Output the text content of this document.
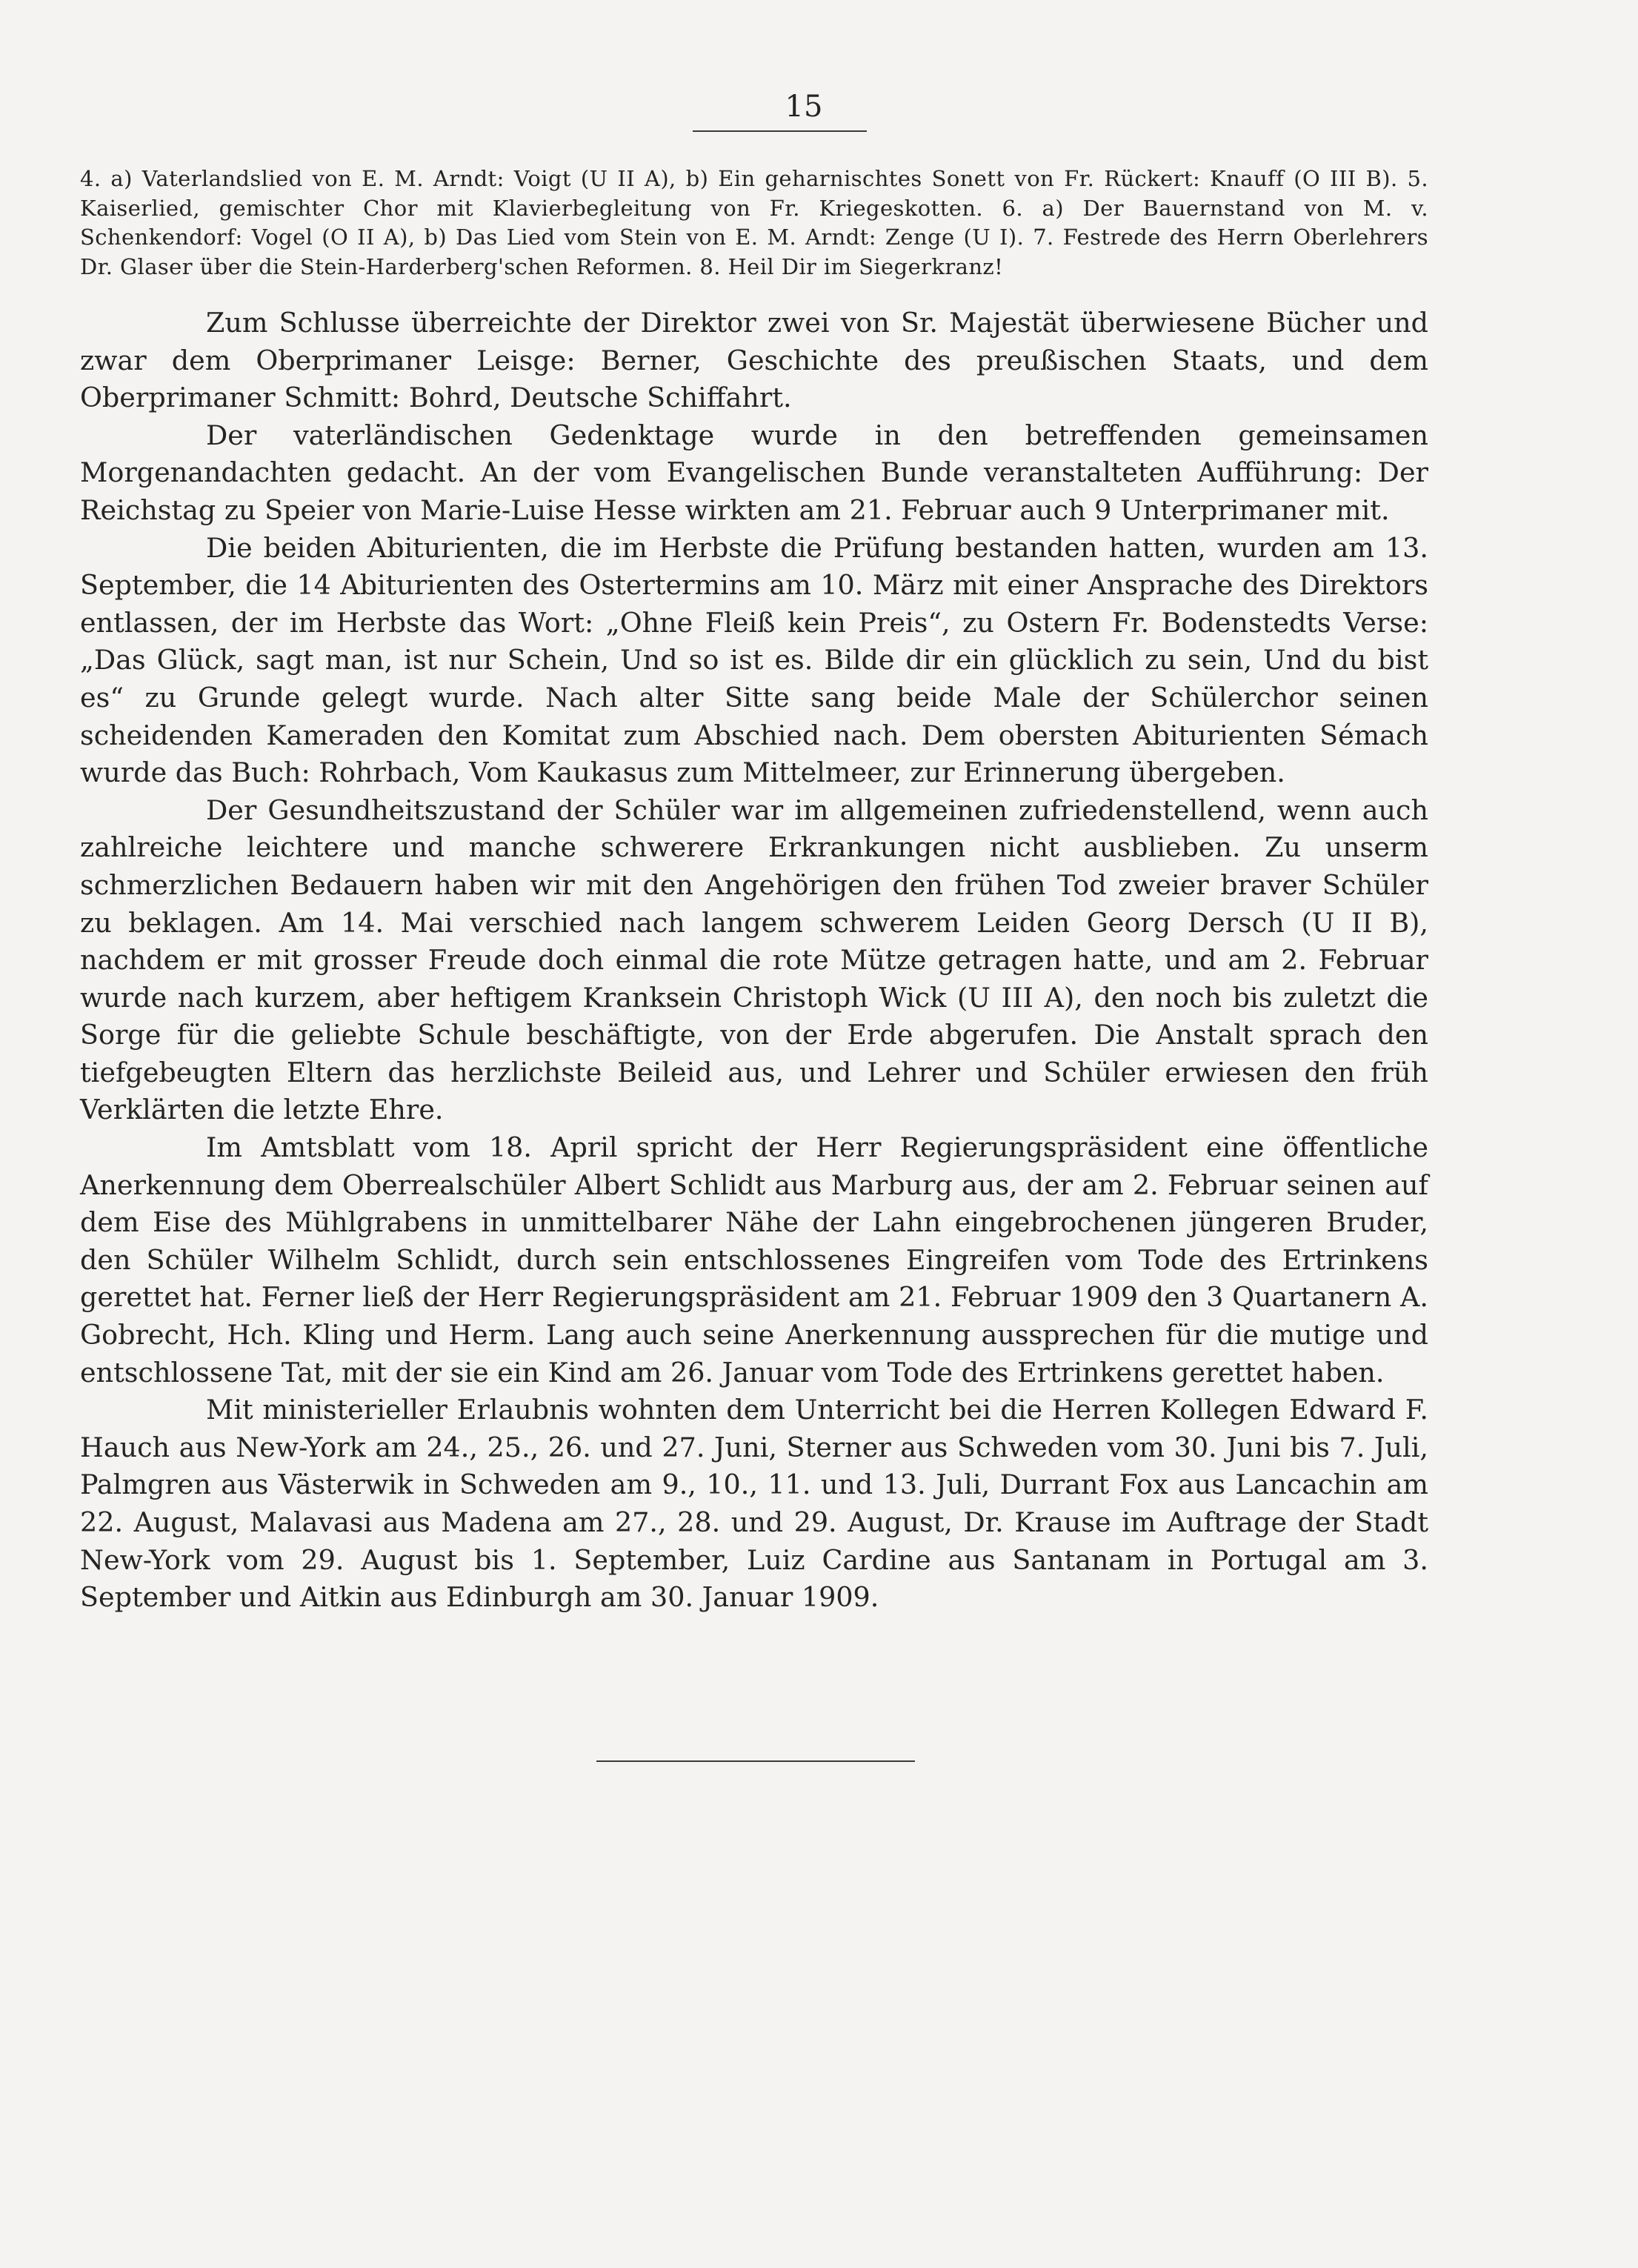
15
4. a) Vaterlandslied von E. M. Arndt: Voigt (U II A), b) Ein geharnischtes Sonett von Fr. Rückert: Knauff (O III B). 5. Kaiserlied, gemischter Chor mit Klavierbegleitung von Fr. Kriegeskotten. 6. a) Der Bauernstand von M. v. Schenkendorf: Vogel (O II A), b) Das Lied vom Stein von E. M. Arndt: Zenge (U I). 7. Festrede des Herrn Oberlehrers Dr. Glaser über die Stein-Harderberg'schen Reformen. 8. Heil Dir im Siegerkranz!

Zum Schlusse überreichte der Direktor zwei von Sr. Majestät überwiesene Bücher und zwar dem Oberprimaner Leisge: Berner, Geschichte des preußischen Staats, und dem Oberprimaner Schmitt: Bohrd, Deutsche Schiffahrt.

Der vaterländischen Gedenktage wurde in den betreffenden gemeinsamen Morgenandachten gedacht. An der vom Evangelischen Bunde veranstalteten Aufführung: Der Reichstag zu Speier von Marie-Luise Hesse wirkten am 21. Februar auch 9 Unterprimaner mit.

Die beiden Abiturienten, die im Herbste die Prüfung bestanden hatten, wurden am 13. September, die 14 Abiturienten des Ostertermins am 10. März mit einer Ansprache des Direktors entlassen, der im Herbste das Wort: „Ohne Fleiß kein Preis“, zu Ostern Fr. Bodenstedts Verse: „Das Glück, sagt man, ist nur Schein, Und so ist es. Bilde dir ein glücklich zu sein, Und du bist es“ zu Grunde gelegt wurde. Nach alter Sitte sang beide Male der Schülerchor seinen scheidenden Kameraden den Komitat zum Abschied nach. Dem obersten Abiturienten Sémach wurde das Buch: Rohrbach, Vom Kaukasus zum Mittelmeer, zur Erinnerung übergeben.

Der Gesundheitszustand der Schüler war im allgemeinen zufriedenstellend, wenn auch zahlreiche leichtere und manche schwerere Erkrankungen nicht ausblieben. Zu unserm schmerzlichen Bedauern haben wir mit den Angehörigen den frühen Tod zweier braver Schüler zu beklagen. Am 14. Mai verschied nach langem schwerem Leiden Georg Dersch (U II B), nachdem er mit grosser Freude doch einmal die rote Mütze getragen hatte, und am 2. Februar wurde nach kurzem, aber heftigem Kranksein Christoph Wick (U III A), den noch bis zuletzt die Sorge für die geliebte Schule beschäftigte, von der Erde abgerufen. Die Anstalt sprach den tiefgebeugten Eltern das herzlichste Beileid aus, und Lehrer und Schüler erwiesen den früh Verklärten die letzte Ehre.

Im Amtsblatt vom 18. April spricht der Herr Regierungspräsident eine öffentliche Anerkennung dem Oberrealschüler Albert Schlidt aus Marburg aus, der am 2. Februar seinen auf dem Eise des Mühlgrabens in unmittelbarer Nähe der Lahn eingebrochenen jüngeren Bruder, den Schüler Wilhelm Schlidt, durch sein entschlossenes Eingreifen vom Tode des Ertrinkens gerettet hat. Ferner ließ der Herr Regierungspräsident am 21. Februar 1909 den 3 Quartanern A. Gobrecht, Hch. Kling und Herm. Lang auch seine Anerkennung aussprechen für die mutige und entschlossene Tat, mit der sie ein Kind am 26. Januar vom Tode des Ertrinkens gerettet haben.

Mit ministerieller Erlaubnis wohnten dem Unterricht bei die Herren Kollegen Edward F. Hauch aus New-York am 24., 25., 26. und 27. Juni, Sterner aus Schweden vom 30. Juni bis 7. Juli, Palmgren aus Västerwik in Schweden am 9., 10., 11. und 13. Juli, Durrant Fox aus Lancachin am 22. August, Malavasi aus Madena am 27., 28. und 29. August, Dr. Krause im Auftrage der Stadt New-York vom 29. August bis 1. September, Luiz Cardine aus Santanam in Portugal am 3. September und Aitkin aus Edinburgh am 30. Januar 1909.
